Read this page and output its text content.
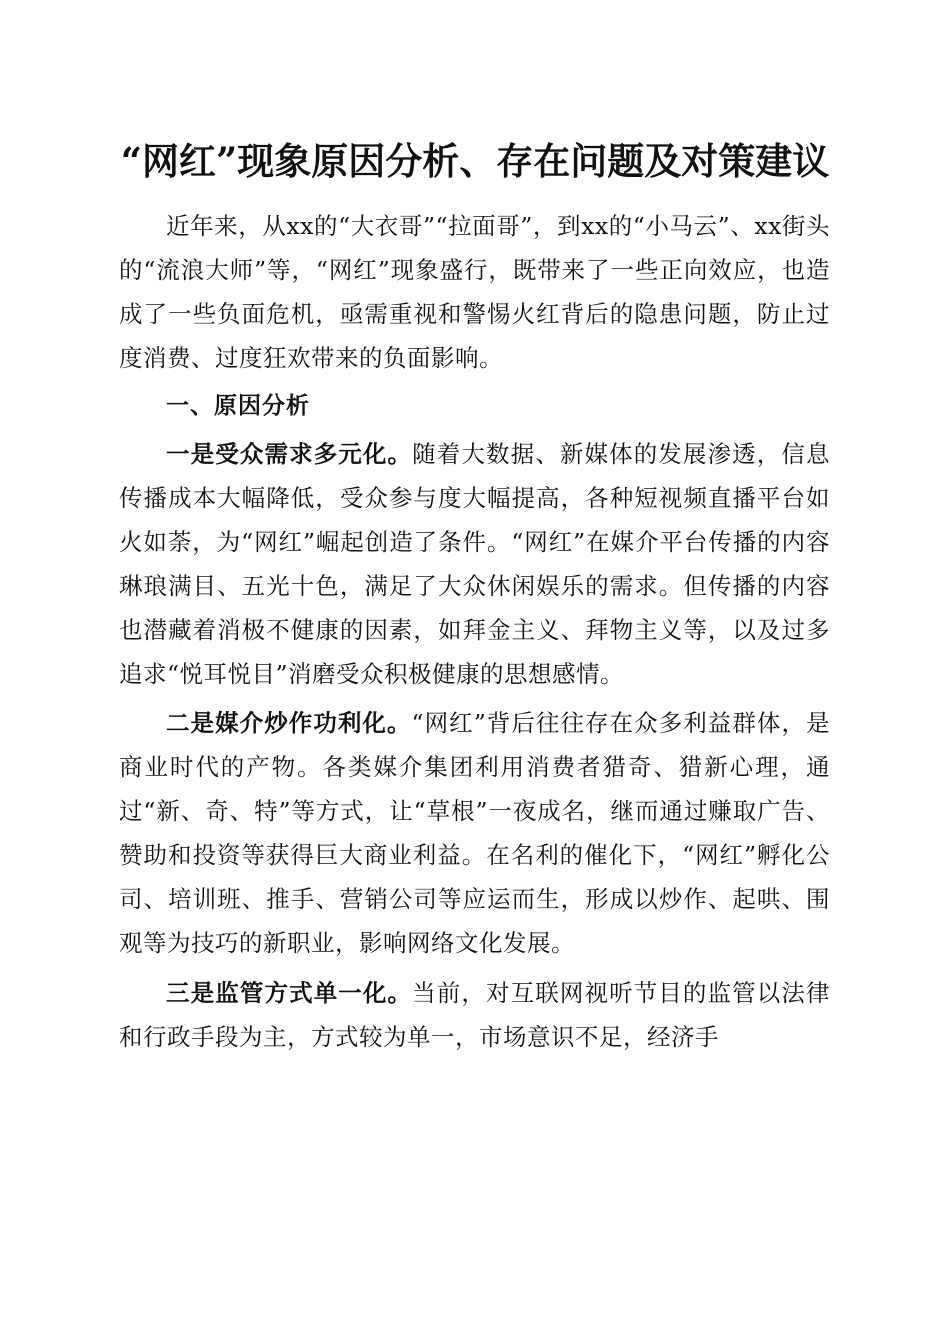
“网红”现象原因分析、存在问题及对策建议

近年来，从xx的“大衣哥”“拉面哥”，到xx的“小马云”、xx街头的“流浪大师”等，“网红”现象盛行，既带来了一些正向效应，也造成了一些负面危机，亟需重视和警惕火红背后的隐患问题，防止过度消费、过度狂欢带来的负面影响。

一、原因分析

一是受众需求多元化。随着大数据、新媒体的发展渗透，信息传播成本大幅降低，受众参与度大幅提高，各种短视频直播平台如火如荼，为“网红”崛起创造了条件。“网红”在媒介平台传播的内容琳琅满目、五光十色，满足了大众休闲娱乐的需求。但传播的内容也潜藏着消极不健康的因素，如拜金主义、拜物主义等，以及过多追求“悦耳悦目”消磨受众积极健康的思想感情。

二是媒介炒作功利化。“网红”背后往往存在众多利益群体，是商业时代的产物。各类媒介集团利用消费者猎奇、猎新心理，通过“新、奇、特”等方式，让“草根”一夜成名，继而通过赚取广告、赞助和投资等获得巨大商业利益。在名利的催化下，“网红”孵化公司、培训班、推手、营销公司等应运而生，形成以炒作、起哄、围观等为技巧的新职业，影响网络文化发展。

三是监管方式单一化。当前，对互联网视听节目的监管以法律和行政手段为主，方式较为单一，市场意识不足，经济手
